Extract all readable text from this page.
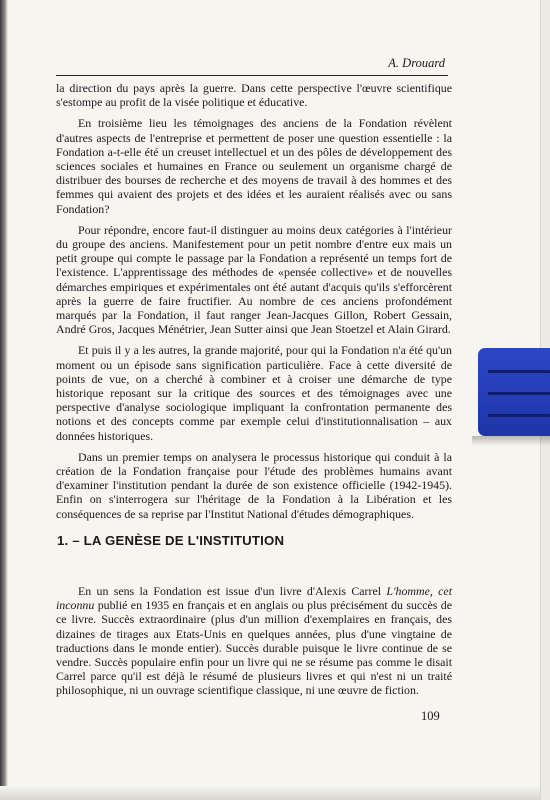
A. Drouard

la direction du pays après la guerre. Dans cette perspective l'œuvre scientifique s'estompe au profit de la visée politique et éducative.

En troisième lieu les témoignages des anciens de la Fondation révèlent d'autres aspects de l'entreprise et permettent de poser une question essentielle : la Fondation a-t-elle été un creuset intellectuel et un des pôles de développement des sciences sociales et humaines en France ou seulement un organisme chargé de distribuer des bourses de recherche et des moyens de travail à des hommes et des femmes qui avaient des projets et des idées et les auraient réalisés avec ou sans Fondation?

Pour répondre, encore faut-il distinguer au moins deux catégories à l'intérieur du groupe des anciens. Manifestement pour un petit nombre d'entre eux mais un petit groupe qui compte le passage par la Fondation a représenté un temps fort de l'existence. L'apprentissage des méthodes de «pensée collective» et de nouvelles démarches empiriques et expérimentales ont été autant d'acquis qu'ils s'efforcèrent après la guerre de faire fructifier. Au nombre de ces anciens profondément marqués par la Fondation, il faut ranger Jean-Jacques Gillon, Robert Gessain, André Gros, Jacques Ménétrier, Jean Sutter ainsi que Jean Stoetzel et Alain Girard.

Et puis il y a les autres, la grande majorité, pour qui la Fondation n'a été qu'un moment ou un épisode sans signification particulière. Face à cette diversité de points de vue, on a cherché à combiner et à croiser une démarche de type historique reposant sur la critique des sources et des témoignages avec une perspective d'analyse sociologique impliquant la confrontation permanente des notions et des concepts comme par exemple celui d'institutionnalisation – aux données historiques.

Dans un premier temps on analysera le processus historique qui conduit à la création de la Fondation française pour l'étude des problèmes humains avant d'examiner l'institution pendant la durée de son existence officielle (1942-1945). Enfin on s'interrogera sur l'héritage de la Fondation à la Libération et les conséquences de sa reprise par l'Institut National d'études démographiques.

1. – LA GENÈSE DE L'INSTITUTION

En un sens la Fondation est issue d'un livre d'Alexis Carrel L'homme, cet inconnu publié en 1935 en français et en anglais ou plus précisément du succès de ce livre. Succès extraordinaire (plus d'un million d'exemplaires en français, des dizaines de tirages aux Etats-Unis en quelques années, plus d'une vingtaine de traductions dans le monde entier). Succès durable puisque le livre continue de se vendre. Succès populaire enfin pour un livre qui ne se résume pas comme le disait Carrel parce qu'il est déjà le résumé de plusieurs livres et qui n'est ni un traité philosophique, ni un ouvrage scientifique classique, ni une œuvre de fiction.

109
